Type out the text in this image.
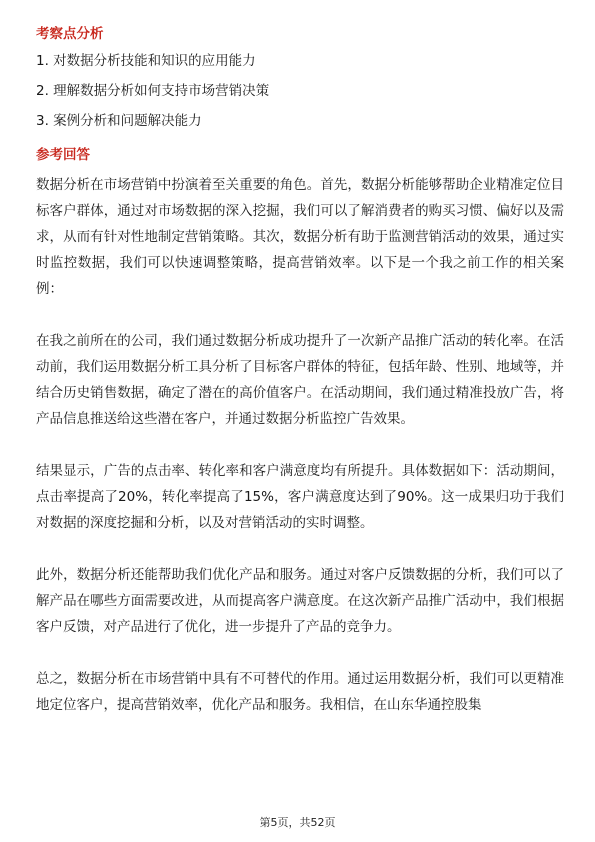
考察点分析
1. 对数据分析技能和知识的应用能力
2. 理解数据分析如何支持市场营销决策
3. 案例分析和问题解决能力
参考回答

数据分析在市场营销中扮演着至关重要的角色。首先，数据分析能够帮助企业精准定位目标客户群体，通过对市场数据的深入挖掘，我们可以了解消费者的购买习惯、偏好以及需求，从而有针对性地制定营销策略。其次，数据分析有助于监测营销活动的效果，通过实时监控数据，我们可以快速调整策略，提高营销效率。以下是一个我之前工作的相关案例：

在我之前所在的公司，我们通过数据分析成功提升了一次新产品推广活动的转化率。在活动前，我们运用数据分析工具分析了目标客户群体的特征，包括年龄、性别、地域等，并结合历史销售数据，确定了潜在的高价值客户。在活动期间，我们通过精准投放广告，将产品信息推送给这些潜在客户，并通过数据分析监控广告效果。

结果显示，广告的点击率、转化率和客户满意度均有所提升。具体数据如下：活动期间，点击率提高了20%，转化率提高了15%，客户满意度达到了90%。这一成果归功于我们对数据的深度挖掘和分析，以及对营销活动的实时调整。

此外，数据分析还能帮助我们优化产品和服务。通过对客户反馈数据的分析，我们可以了解产品在哪些方面需要改进，从而提高客户满意度。在这次新产品推广活动中，我们根据客户反馈，对产品进行了优化，进一步提升了产品的竞争力。

总之，数据分析在市场营销中具有不可替代的作用。通过运用数据分析，我们可以更精准地定位客户，提高营销效率，优化产品和服务。我相信，在山东华通控股集

第5页，共52页
